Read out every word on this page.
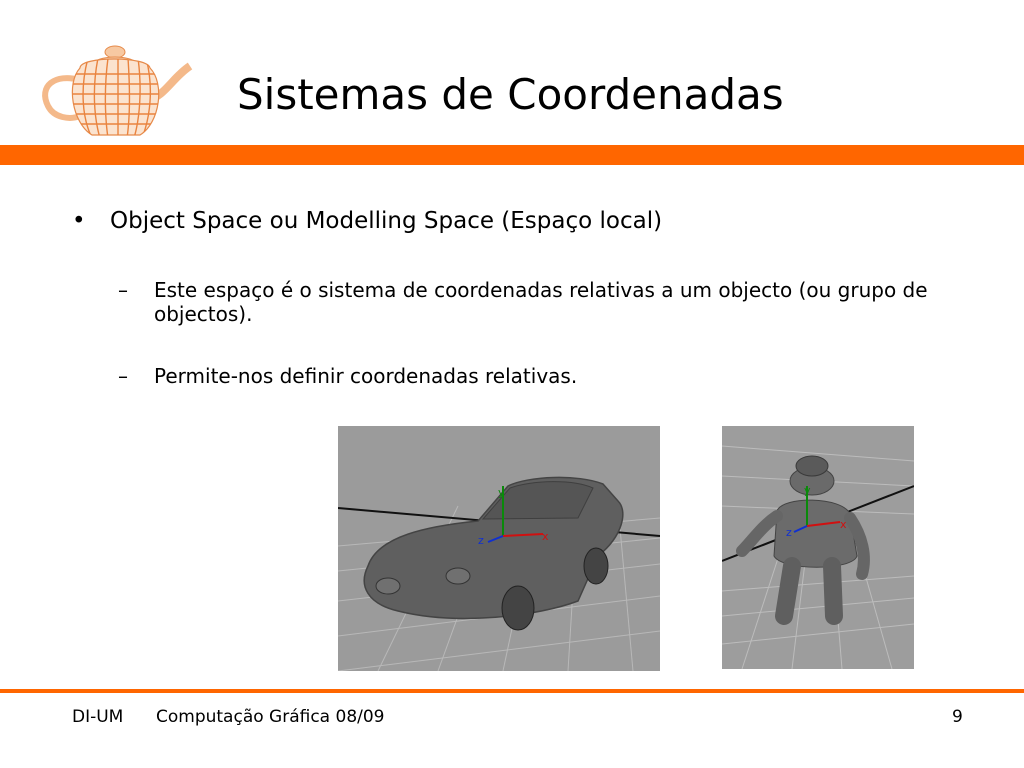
Sistemas de Coordenadas
• Object Space ou Modelling Space (Espaço local)
– Este espaço é o sistema de coordenadas relativas a um objecto (ou grupo de objectos).
– Permite-nos definir coordenadas relativas.
y
x
z
y
x
z
DI-UM Computação Gráfica 08/09	9
